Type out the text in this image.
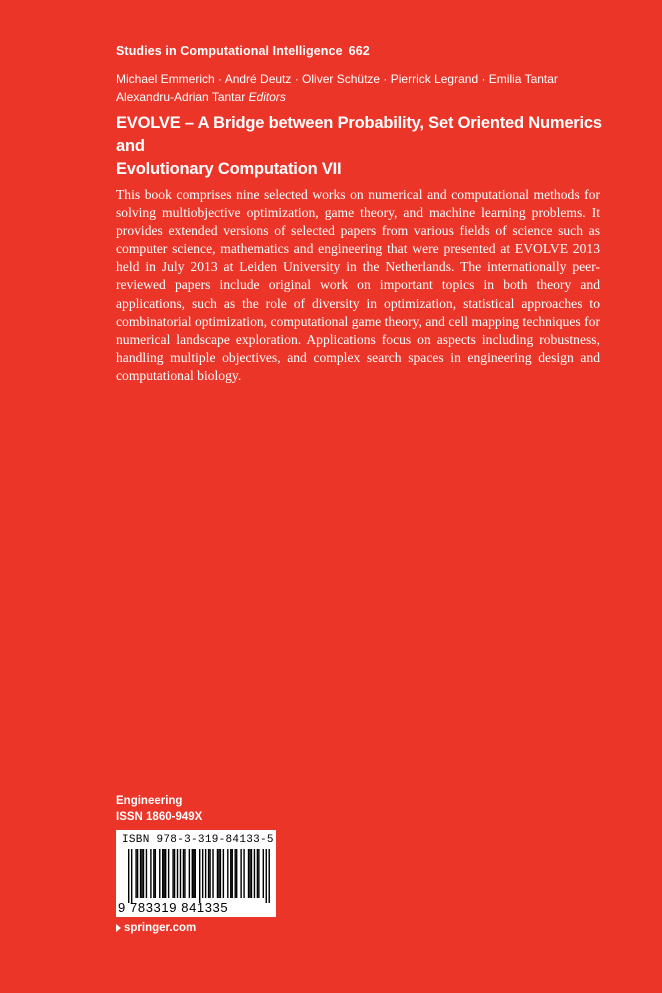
Studies in Computational Intelligence 662
Michael Emmerich · André Deutz · Oliver Schütze · Pierrick Legrand · Emilia Tantar
Alexandru-Adrian Tantar Editors
EVOLVE – A Bridge between Probability, Set Oriented Numerics and
Evolutionary Computation VII
This book comprises nine selected works on numerical and computational methods for solving multiobjective optimization, game theory, and machine learning problems. It provides extended versions of selected papers from various fields of science such as computer science, mathematics and engineering that were presented at EVOLVE 2013 held in July 2013 at Leiden University in the Netherlands. The internationally peer-reviewed papers include original work on important topics in both theory and applications, such as the role of diversity in optimization, statistical approaches to combinatorial optimization, computational game theory, and cell mapping techniques for numerical landscape exploration. Applications focus on aspects including robustness, handling multiple objectives, and complex search spaces in engineering design and computational biology.
Engineering
ISSN 1860-949X
ISBN 978-3-319-84133-5
9 783319 841335
springer.com
